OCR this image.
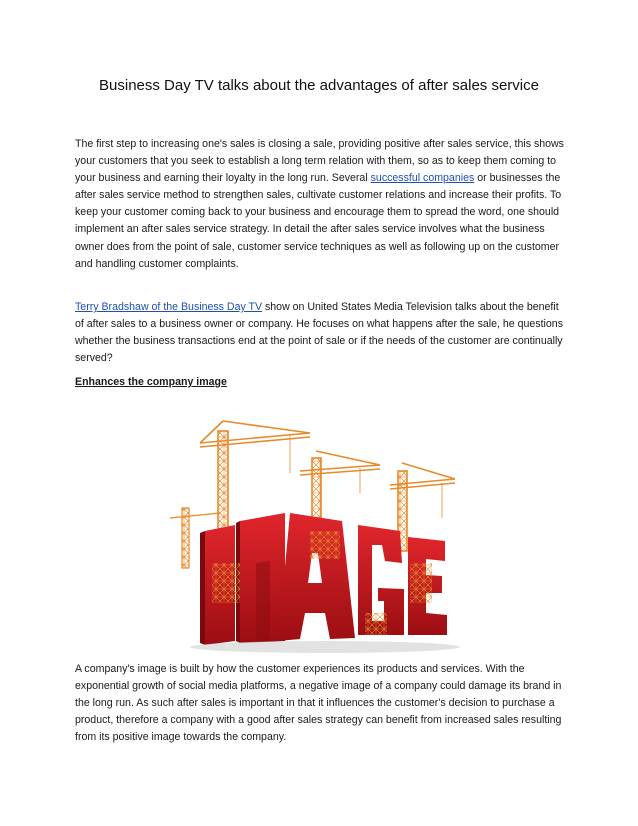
Business Day TV talks about the advantages of after sales service

The first step to increasing one's sales is closing a sale, providing positive after sales service, this shows your customers that you seek to establish a long term relation with them, so as to keep them coming to your business and earning their loyalty in the long run. Several successful companies or businesses the after sales service method to strengthen sales, cultivate customer relations and increase their profits. To keep your customer coming back to your business and encourage them to spread the word, one should implement an after sales service strategy. In detail the after sales service involves what the business owner does from the point of sale, customer service techniques as well as following up on the customer and handling customer complaints.

Terry Bradshaw of the Business Day TV show on United States Media Television talks about the benefit of after sales to a business owner or company. He focuses on what happens after the sale, he questions whether the business transactions end at the point of sale or if the needs of the customer are continually served?

Enhances the company image

A company's image is built by how the customer experiences its products and services. With the exponential growth of social media platforms, a negative image of a company could damage its brand in the long run. As such after sales is important in that it influences the customer's decision to purchase a product, therefore a company with a good after sales strategy can benefit from increased sales resulting from its positive image towards the company.
